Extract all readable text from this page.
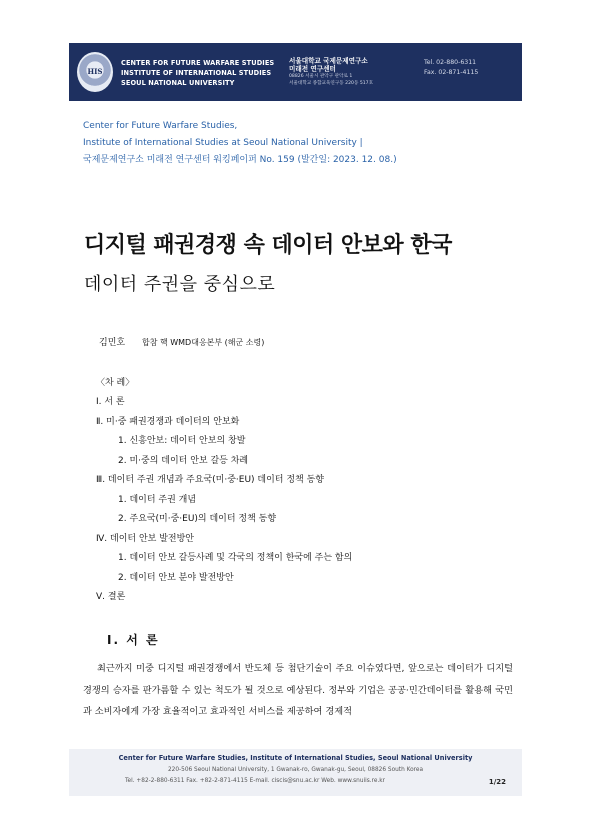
HIS
CENTER FOR FUTURE WARFARE STUDIES
INSTITUTE OF INTERNATIONAL STUDIES
SEOUL NATIONAL UNIVERSITY
서울대학교 국제문제연구소
미래전 연구센터
08826 서울시 관악구 관악로 1
서울대학교 종합교육연구동 220동 517호
Tel. 02-880-6311
Fax. 02-871-4115
Center for Future Warfare Studies,
Institute of International Studies at Seoul National University |
국제문제연구소 미래전 연구센터 워킹페이퍼 No. 159 (발간일: 2023. 12. 08.)
디지털 패권경쟁 속 데이터 안보와 한국
데이터 주권을 중심으로
김민호 합참 핵 WMD대응본부 (해군 소령)
〈차 례〉
Ⅰ. 서 론
Ⅱ. 미·중 패권경쟁과 데이터의 안보화
1. 신흥안보: 데이터 안보의 창발
2. 미·중의 데이터 안보 갈등 차례
Ⅲ. 데이터 주권 개념과 주요국(미·중·EU) 데이터 정책 동향
1. 데이터 주권 개념
2. 주요국(미·중·EU)의 데이터 정책 동향
Ⅳ. 데이터 안보 발전방안
1. 데이터 안보 갈등사례 및 각국의 정책이 한국에 주는 함의
2. 데이터 안보 분야 발전방안
Ⅴ. 결론
Ⅰ. 서 론

최근까지 미중 디지털 패권경쟁에서 반도체 등 첨단기술이 주요 이슈였다면, 앞으로는 데이터가 디지털 경쟁의 승자를 판가름할 수 있는 척도가 될 것으로 예상된다. 정부와 기업은 공공·민간데이터를 활용해 국민과 소비자에게 가장 효율적이고 효과적인 서비스를 제공하여 경제적

Center for Future Warfare Studies, Institute of International Studies, Seoul National University
220-506 Seoul National University, 1 Gwanak-ro, Gwanak-gu, Seoul, 08826 South Korea
Tel. +82-2-880-6311 Fax. +82-2-871-4115 E-mail. ciscis@snu.ac.kr Web. www.snuiis.re.kr	1/22
